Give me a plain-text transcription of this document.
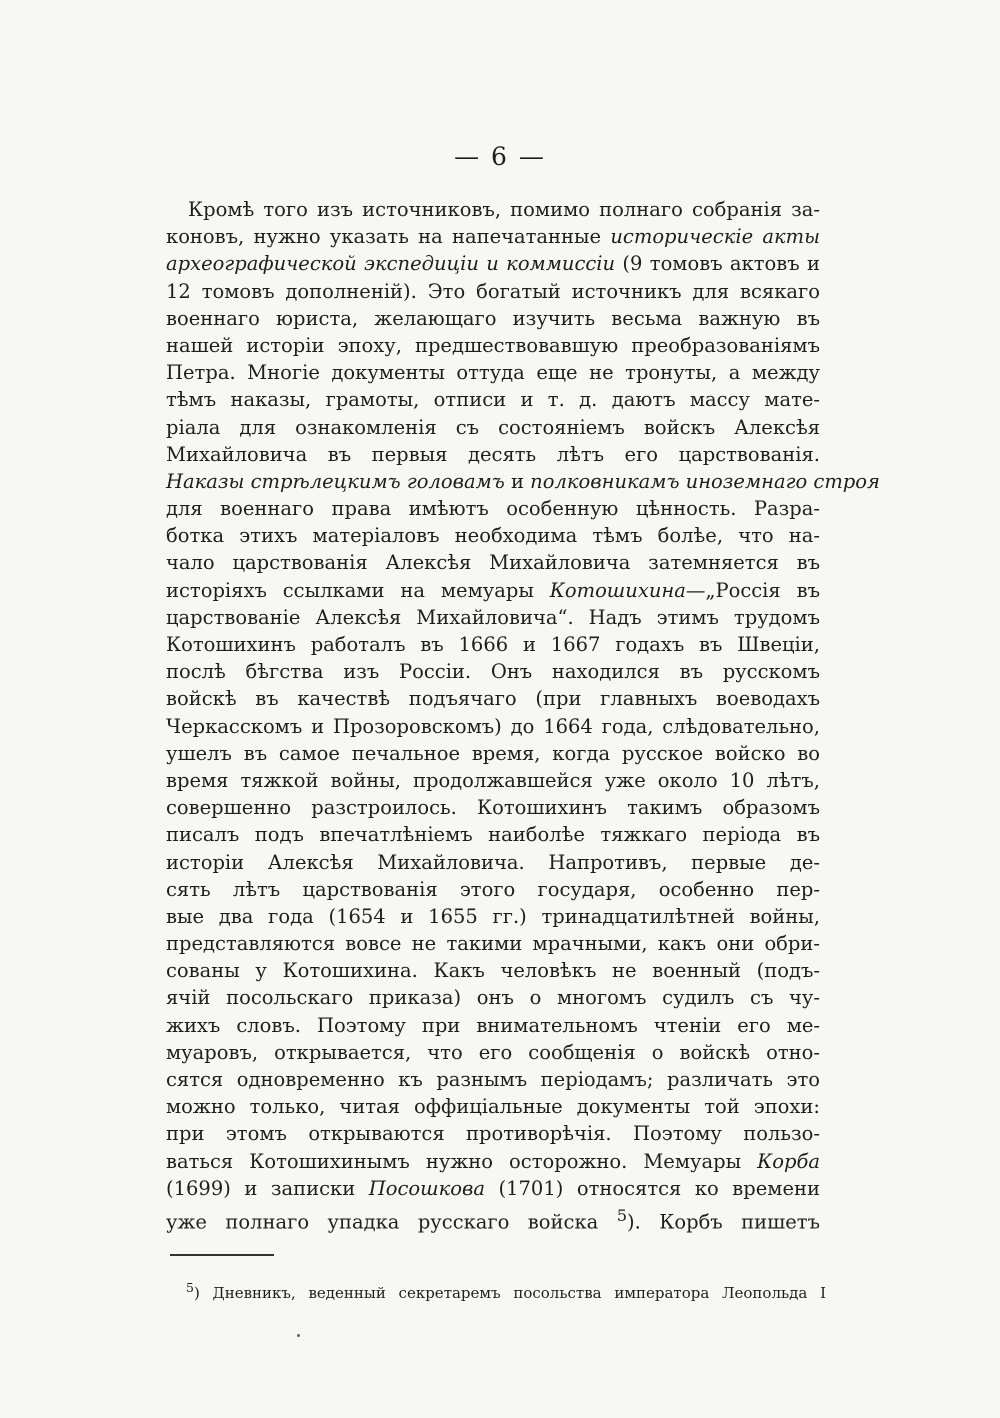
— 6 —
Кромѣ того изъ источниковъ, помимо полнаго собранія за-
коновъ, нужно указать на напечатанные историческіе акты
археографической экспедиціи и коммиссіи (9 томовъ актовъ и
12 томовъ дополненій). Это богатый источникъ для всякаго
военнаго юриста, желающаго изучить весьма важную въ
нашей исторіи эпоху, предшествовавшую преобразованіямъ
Петра. Многіе документы оттуда еще не тронуты, а между
тѣмъ наказы, грамоты, отписи и т. д. даютъ массу мате-
ріала для ознакомленія съ состояніемъ войскъ Алексѣя
Михайловича въ первыя десять лѣтъ его царствованія.
Наказы стрѣлецкимъ головамъ и полковникамъ иноземнаго строя
для военнаго права имѣютъ особенную цѣнность. Разра-
ботка этихъ матеріаловъ необходима тѣмъ болѣе, что на-
чало царствованія Алексѣя Михайловича затемняется въ
исторіяхъ ссылками на мемуары Котошихина—„Россія въ
царствованіе Алексѣя Михайловича“. Надъ этимъ трудомъ
Котошихинъ работалъ въ 1666 и 1667 годахъ въ Швеціи,
послѣ бѣгства изъ Россіи. Онъ находился въ русскомъ
войскѣ въ качествѣ подъячаго (при главныхъ воеводахъ
Черкасскомъ и Прозоровскомъ) до 1664 года, слѣдовательно,
ушелъ въ самое печальное время, когда русское войско во
время тяжкой войны, продолжавшейся уже около 10 лѣтъ,
совершенно разстроилось. Котошихинъ такимъ образомъ
писалъ подъ впечатлѣніемъ наиболѣе тяжкаго періода въ
исторіи Алексѣя Михайловича. Напротивъ, первые де-
сять лѣтъ царствованія этого государя, особенно пер-
вые два года (1654 и 1655 гг.) тринадцатилѣтней войны,
представляются вовсе не такими мрачными, какъ они обри-
сованы у Котошихина. Какъ человѣкъ не военный (подъ-
ячій посольскаго приказа) онъ о многомъ судилъ съ чу-
жихъ словъ. Поэтому при внимательномъ чтеніи его ме-
муаровъ, открывается, что его сообщенія о войскѣ отно-
сятся одновременно къ разнымъ періодамъ; различать это
можно только, читая оффиціальные документы той эпохи:
при этомъ открываются противорѣчія. Поэтому пользо-
ваться Котошихинымъ нужно осторожно. Мемуары Корба
(1699) и записки Посошкова (1701) относятся ко времени
уже полнаго упадка русскаго войска $^5$). Корбъ пишетъ
$^5$) Дневникъ, веденный секретаремъ посольства императора Леопольда I
